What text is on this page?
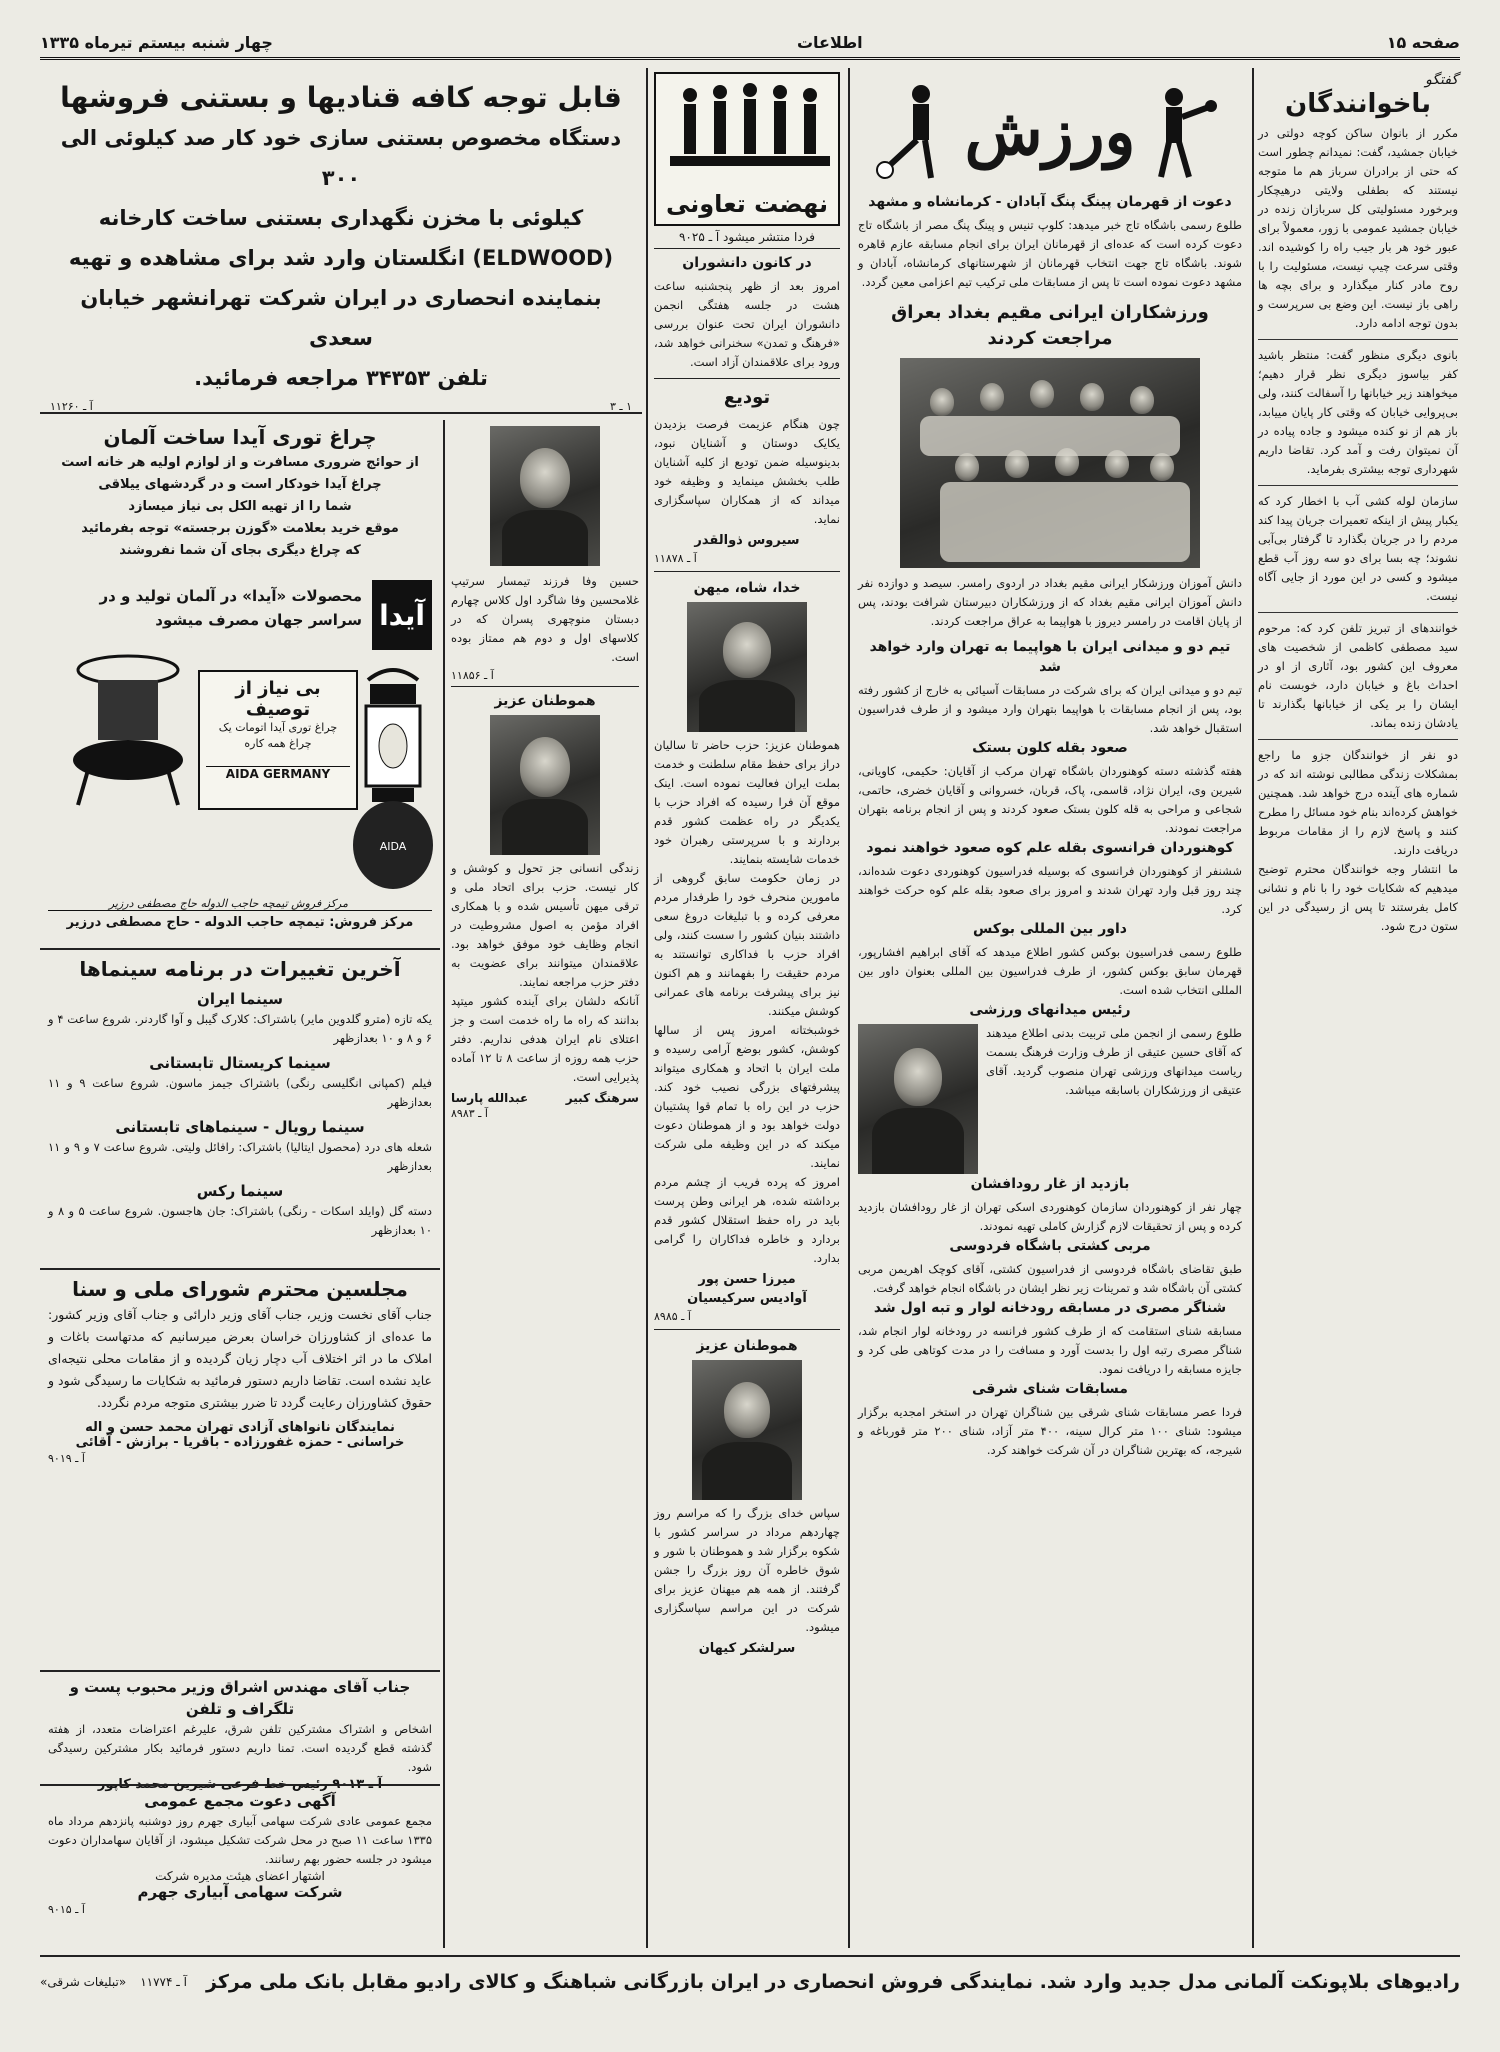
صفحه ۱۵
اطلاعات
چهار شنبه بیستم تیرماه ۱۳۳۵
گفتگو
باخوانندگان

مکرر از بانوان ساکن کوچه دولتی در خیابان جمشید، گفت: نمیدانم چطور است که حتی از برادران سرباز هم ما متوجه نیستند که بطفلی ولایتی درهیچکار وبرخورد مسئولیتی کل سربازان زنده در خیابان جمشید عمومی با زور، معمولاً برای عبور خود هر بار جیب راه را کوشیده اند. وقتی سرعت چیپ نیست، مسئولیت را با روح مادر کنار میگذارد و برای بچه ها راهی باز نیست. این وضع بی سرپرست و بدون توجه ادامه دارد.

بانوی دیگری منظور گفت: منتظر باشید کفر بیاسوز دیگری نظر قرار دهیم؛ میخواهند زیر خیابانها را آسفالت کنند، ولی بی‌پروایی خیابان که وقتی کار پایان مییابد، باز هم از نو کنده میشود و جاده پیاده در آن نمیتوان رفت و آمد کرد. تقاضا داریم شهرداری توجه بیشتری بفرماید.

سازمان لوله کشی آب با اخطار کرد که یکبار پیش از اینکه تعمیرات جریان پیدا کند مردم را در جریان بگذارد تا گرفتار بی‌آبی نشوند؛ چه بسا برای دو سه روز آب قطع میشود و کسی در این مورد از جایی آگاه نیست.

خوانندهای از تبریز تلفن کرد که: مرحوم سید مصطفی کاظمی از شخصیت های معروف این کشور بود، آثاری از او در احداث باغ و خیابان دارد، خوبست نام ایشان را بر یکی از خیابانها بگذارند تا یادشان زنده بماند.

دو نفر از خوانندگان جزو ما راجع بمشکلات زندگی مطالبی نوشته اند که در شماره های آینده درج خواهد شد. همچنین خواهش کرده‌اند بنام خود مسائل را مطرح کنند و پاسخ لازم را از مقامات مربوط دریافت دارند.

ما انتشار وجه خوانندگان محترم توضیح میدهیم که شکایات خود را با نام و نشانی کامل بفرستند تا پس از رسیدگی در این ستون درج شود.

ورزش
دعوت از قهرمان پینگ پنگ آبادان - کرمانشاه و مشهد

طلوع رسمی باشگاه تاج خبر میدهد: کلوپ تنیس و پینگ پنگ مصر از باشگاه تاج دعوت کرده است که عده‌ای از قهرمانان ایران برای انجام مسابقه عازم قاهره شوند. باشگاه تاج جهت انتخاب قهرمانان از شهرستانهای کرمانشاه، آبادان و مشهد دعوت نموده است تا پس از مسابقات ملی ترکیب تیم اعزامی معین گردد.

ورزشکاران ایرانی مقیم بغداد بعراق مراجعت کردند

دانش آموزان ورزشکار ایرانی مقیم بغداد در اردوی رامسر. سیصد و دوازده نفر دانش آموزان ایرانی مقیم بغداد که از ورزشکاران دبیرستان شرافت بودند، پس از پایان اقامت در رامسر دیروز با هواپیما به عراق مراجعت کردند.

تیم دو و میدانی ایران با هواپیما به تهران وارد خواهد شد

تیم دو و میدانی ایران که برای شرکت در مسابقات آسیائی به خارج از کشور رفته بود، پس از انجام مسابقات با هواپیما بتهران وارد میشود و از طرف فدراسیون استقبال خواهد شد.

صعود بقله کلون بستک

هفته گذشته دسته کوهنوردان باشگاه تهران مرکب از آقایان: حکیمی، کاویانی، شیرین وی، ایران نژاد، قاسمی، پاک، قربان، خسروانی و آقایان خضری، حاتمی، شجاعی و مراحی به قله کلون بستک صعود کردند و پس از انجام برنامه بتهران مراجعت نمودند.

کوهنوردان فرانسوی بقله علم کوه صعود خواهند نمود

ششنفر از کوهنوردان فرانسوی که بوسیله فدراسیون کوهنوردی دعوت شده‌اند، چند روز قبل وارد تهران شدند و امروز برای صعود بقله علم کوه حرکت خواهند کرد.

داور بین المللی بوکس

طلوع رسمی فدراسیون بوکس کشور اطلاع میدهد که آقای ابراهیم افشارپور، قهرمان سابق بوکس کشور، از طرف فدراسیون بین المللی بعنوان داور بین المللی انتخاب شده است.

رئیس میدانهای ورزشی

طلوع رسمی از انجمن ملی تربیت بدنی اطلاع میدهند که آقای حسین عتیقی از طرف وزارت فرهنگ بسمت ریاست میدانهای ورزشی تهران منصوب گردید. آقای عتیقی از ورزشکاران باسابقه میباشد.

بازدید از غار رودافشان

چهار نفر از کوهنوردان سازمان کوهنوردی اسکی تهران از غار رودافشان بازدید کرده و پس از تحقیقات لازم گزارش کاملی تهیه نمودند.

مربی کشتی باشگاه فردوسی

طبق تقاضای باشگاه فردوسی از فدراسیون کشتی، آقای کوچک اهریمن مربی کشتی آن باشگاه شد و تمرینات زیر نظر ایشان در باشگاه انجام خواهد گرفت.

شناگر مصری در مسابقه رودخانه لوار و تبه اول شد

مسابقه شنای استقامت که از طرف کشور فرانسه در رودخانه لوار انجام شد، شناگر مصری رتبه اول را بدست آورد و مسافت را در مدت کوتاهی طی کرد و جایزه مسابقه را دریافت نمود.

مسابقات شنای شرقی

فردا عصر مسابقات شنای شرقی بین شناگران تهران در استخر امجدیه برگزار میشود: شنای ۱۰۰ متر کرال سینه، ۴۰۰ متر آزاد، شنای ۲۰۰ متر قورباغه و شیرجه، که بهترین شناگران در آن شرکت خواهند کرد.

نهضت تعاونی
فردا منتشر میشود آ ـ ۹۰۲۵
در کانون دانشوران

امروز بعد از ظهر پنجشنبه ساعت هشت در جلسه هفتگی انجمن دانشوران ایران تحت عنوان بررسی «فرهنگ و تمدن» سخنرانی خواهد شد، ورود برای علاقمندان آزاد است.

تودیع

چون هنگام عزیمت فرصت بزدیدن یکایک دوستان و آشنایان نبود، بدینوسیله ضمن تودیع از کلیه آشنایان طلب بخشش مینماید و وظیفه خود میداند که از همکاران سپاسگزاری نماید.

سیروس ذوالقدر
آ ـ ۱۱۸۷۸
خدا، شاه، میهن

هموطنان عزیز: حزب حاضر تا سالیان دراز برای حفظ مقام سلطنت و خدمت بملت ایران فعالیت نموده است. اینک موقع آن فرا رسیده که افراد حزب با یکدیگر در راه عظمت کشور قدم بردارند و با سرپرستی رهبران خود خدمات شایسته بنمایند.

در زمان حکومت سابق گروهی از مامورین منحرف خود را طرفدار مردم معرفی کرده و با تبلیغات دروغ سعی داشتند بنیان کشور را سست کنند، ولی افراد حزب با فداکاری توانستند به مردم حقیقت را بفهمانند و هم اکنون نیز برای پیشرفت برنامه های عمرانی کوشش میکنند.

خوشبختانه امروز پس از سالها کوشش، کشور بوضع آرامی رسیده و ملت ایران با اتحاد و همکاری میتواند پیشرفتهای بزرگی نصیب خود کند. حزب در این راه با تمام قوا پشتیبان دولت خواهد بود و از هموطنان دعوت میکند که در این وظیفه ملی شرکت نمایند.

امروز که پرده فریب از چشم مردم برداشته شده، هر ایرانی وطن پرست باید در راه حفظ استقلال کشور قدم بردارد و خاطره فداکاران را گرامی بدارد.

میرزا حسن پور
آوادیس سرکیسیان
آ ـ ۸۹۸۵
هموطنان عزیز

سپاس خدای بزرگ را که مراسم روز چهاردهم مرداد در سراسر کشور با شکوه برگزار شد و هموطنان با شور و شوق خاطره آن روز بزرگ را جشن گرفتند. از همه هم میهنان عزیز برای شرکت در این مراسم سپاسگزاری میشود.

سرلشکر کیهان

حسین وفا فرزند تیمسار سرتیپ غلامحسین وفا شاگرد اول کلاس چهارم دبستان منوچهری پسران که در کلاسهای اول و دوم هم ممتاز بوده است.

آ ـ ۱۱۸۵۶
هموطنان عزیز

زندگی انسانی جز تحول و کوشش و کار نیست. حزب برای اتحاد ملی و ترقی میهن تأسیس شده و با همکاری افراد مؤمن به اصول مشروطیت در انجام وظایف خود موفق خواهد بود. علاقمندان میتوانند برای عضویت به دفتر حزب مراجعه نمایند.

آنانکه دلشان برای آینده کشور میتپد بدانند که راه ما راه خدمت است و جز اعتلای نام ایران هدفی نداریم. دفتر حزب همه روزه از ساعت ۸ تا ۱۲ آماده پذیرایی است.

سرهنگ کبیر
عبدالله پارسا
آ ـ ۸۹۸۳
قابل توجه کافه قنادیها و بستنی فروشها
دستگاه مخصوص بستنی سازی خود کار صد کیلوئی الی ۳۰۰
کیلوئی با مخزن نگهداری بستنی ساخت کارخانه
(ELDWOOD) انگلستان وارد شد برای مشاهده و تهیه
بنماینده انحصاری در ایران شرکت تهرانشهر خیابان سعدی
تلفن ۳۴۳۵۳ مراجعه فرمائید.
۱ ـ ۳
آ ـ ۱۱۲۶۰
چراغ توری آیدا ساخت آلمان
از حوائج ضروری مسافرت و از لوازم اولیه هر خانه است
چراغ آیدا خودکار است و در گردشهای ییلاقی
شما را از تهیه الکل بی نیاز میسازد
موقع خرید بعلامت «گوزن برجسته» توجه بفرمائید
که چراغ دیگری بجای آن شما نفروشند
آیدا
محصولات «آیدا» در آلمان تولید و در سراسر جهان مصرف میشود
بی نیاز از توصیف
چراغ توری آیدا اتومات یک چراغ همه کاره
AIDA GERMANY
AIDA
مرکز فروش تیمچه حاجب الدوله حاج مصطفی درزیر
مرکز فروش: تیمچه حاجب الدوله - حاج مصطفی درزیر
آخرین تغییرات در برنامه سینماها
سینما ایران

یکه تازه (مترو گلدوین مایر) باشتراک: کلارک گیبل و آوا گاردنر. شروع ساعت ۴ و ۶ و ۸ و ۱۰ بعدازظهر

سینما کریستال تابستانی

فیلم (کمپانی انگلیسی رنگی) باشتراک جیمز ماسون. شروع ساعت ۹ و ۱۱ بعدازظهر

سینما رویال - سینماهای تابستانی

شعله های درد (محصول ایتالیا) باشتراک: رافائل ولیتی. شروع ساعت ۷ و ۹ و ۱۱ بعدازظهر

سینما رکس

دسته گل (وایلد اسکات - رنگی) باشتراک: جان هاجسون. شروع ساعت ۵ و ۸ و ۱۰ بعدازظهر

مجلسین محترم شورای ملی و سنا

جناب آقای نخست وزیر، جناب آقای وزیر دارائی و جناب آقای وزیر کشور: ما عده‌ای از کشاورزان خراسان بعرض میرسانیم که مدتهاست باغات و املاک ما در اثر اختلاف آب دچار زیان گردیده و از مقامات محلی نتیجه‌ای عاید نشده است. تقاضا داریم دستور فرمائید به شکایات ما رسیدگی شود و حقوق کشاورزان رعایت گردد تا ضرر بیشتری متوجه مردم نگردد.

نمایندگان نانواهای آزادی تهران محمد حسن و اله
خراسانی - حمزه غفورزاده - باقریا - برازش - آقائی
آ ـ ۹۰۱۹
جناب آقای مهندس اشراق وزیر محبوب پست و تلگراف و تلفن

اشخاص و اشتراک مشترکین تلفن شرق، علیرغم اعتراضات متعدد، از هفته گذشته قطع گردیده است. تمنا داریم دستور فرمائید بکار مشترکین رسیدگی شود.

آ ـ ۹۰۱۳ رئیس خط فرعی شیرین محمد کاپور
آگهی دعوت مجمع عمومی

مجمع عمومی عادی شرکت سهامی آبیاری جهرم روز دوشنبه پانزدهم مرداد ماه ۱۳۳۵ ساعت ۱۱ صبح در محل شرکت تشکیل میشود، از آقایان سهامداران دعوت میشود در جلسه حضور بهم رسانند.

اشتهار اعضای هیئت مدیره شرکت
شرکت سهامی آبیاری جهرم
آ ـ ۹۰۱۵
رادیوهای بلاپونکت آلمانی مدل جدید وارد شد. نمایندگی فروش انحصاری در ایران بازرگانی شباهنگ و کالای رادیو مقابل بانک ملی مرکز
آ ـ ۱۱۷۷۴
«تبلیغات شرقی»
